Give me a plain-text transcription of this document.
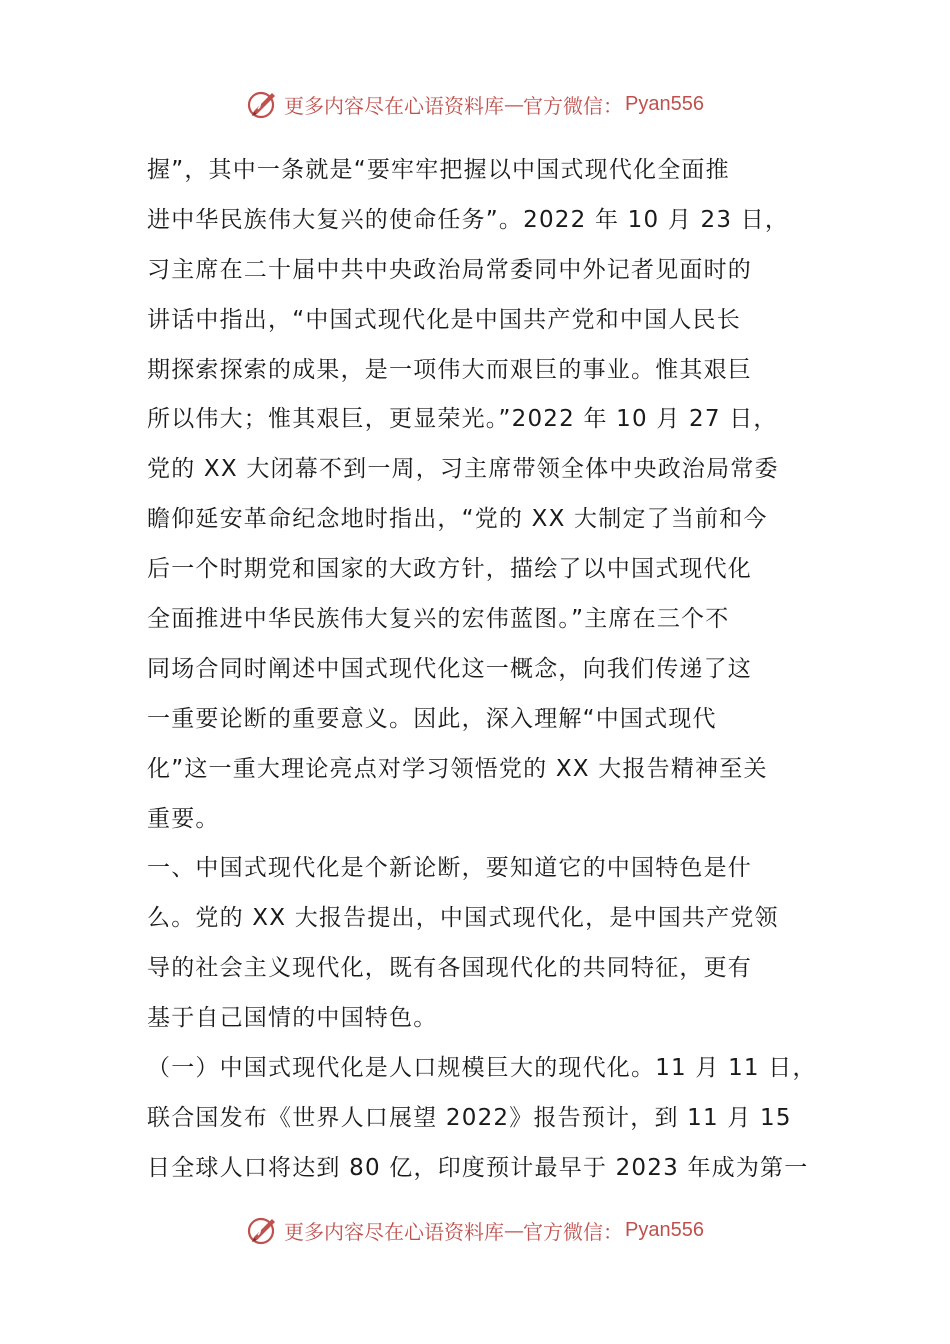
更多内容尽在心语资料库 — 官方微信： Pyan556
握”，其中一条就是“要牢牢把握以中国式现代化全面推
进中华民族伟大复兴的使命任务”。2022 年 10 月 23 日，
习主席在二十届中共中央政治局常委同中外记者见面时的
讲话中指出，“中国式现代化是中国共产党和中国人民长
期探索探索的成果，是一项伟大而艰巨的事业。惟其艰巨
所以伟大；惟其艰巨，更显荣光。”2022 年 10 月 27 日，
党的 XX 大闭幕不到一周，习主席带领全体中央政治局常委
瞻仰延安革命纪念地时指出，“党的 XX 大制定了当前和今
后一个时期党和国家的大政方针，描绘了以中国式现代化
全面推进中华民族伟大复兴的宏伟蓝图。”主席在三个不
同场合同时阐述中国式现代化这一概念，向我们传递了这
一重要论断的重要意义。因此，深入理解“中国式现代
化”这一重大理论亮点对学习领悟党的 XX 大报告精神至关
重要。
一、中国式现代化是个新论断，要知道它的中国特色是什
么。党的 XX 大报告提出，中国式现代化，是中国共产党领
导的社会主义现代化，既有各国现代化的共同特征，更有
基于自己国情的中国特色。
（一）中国式现代化是人口规模巨大的现代化。11 月 11 日，
联合国发布《世界人口展望 2022》报告预计，到 11 月 15
日全球人口将达到 80 亿，印度预计最早于 2023 年成为第一
更多内容尽在心语资料库 — 官方微信： Pyan556
